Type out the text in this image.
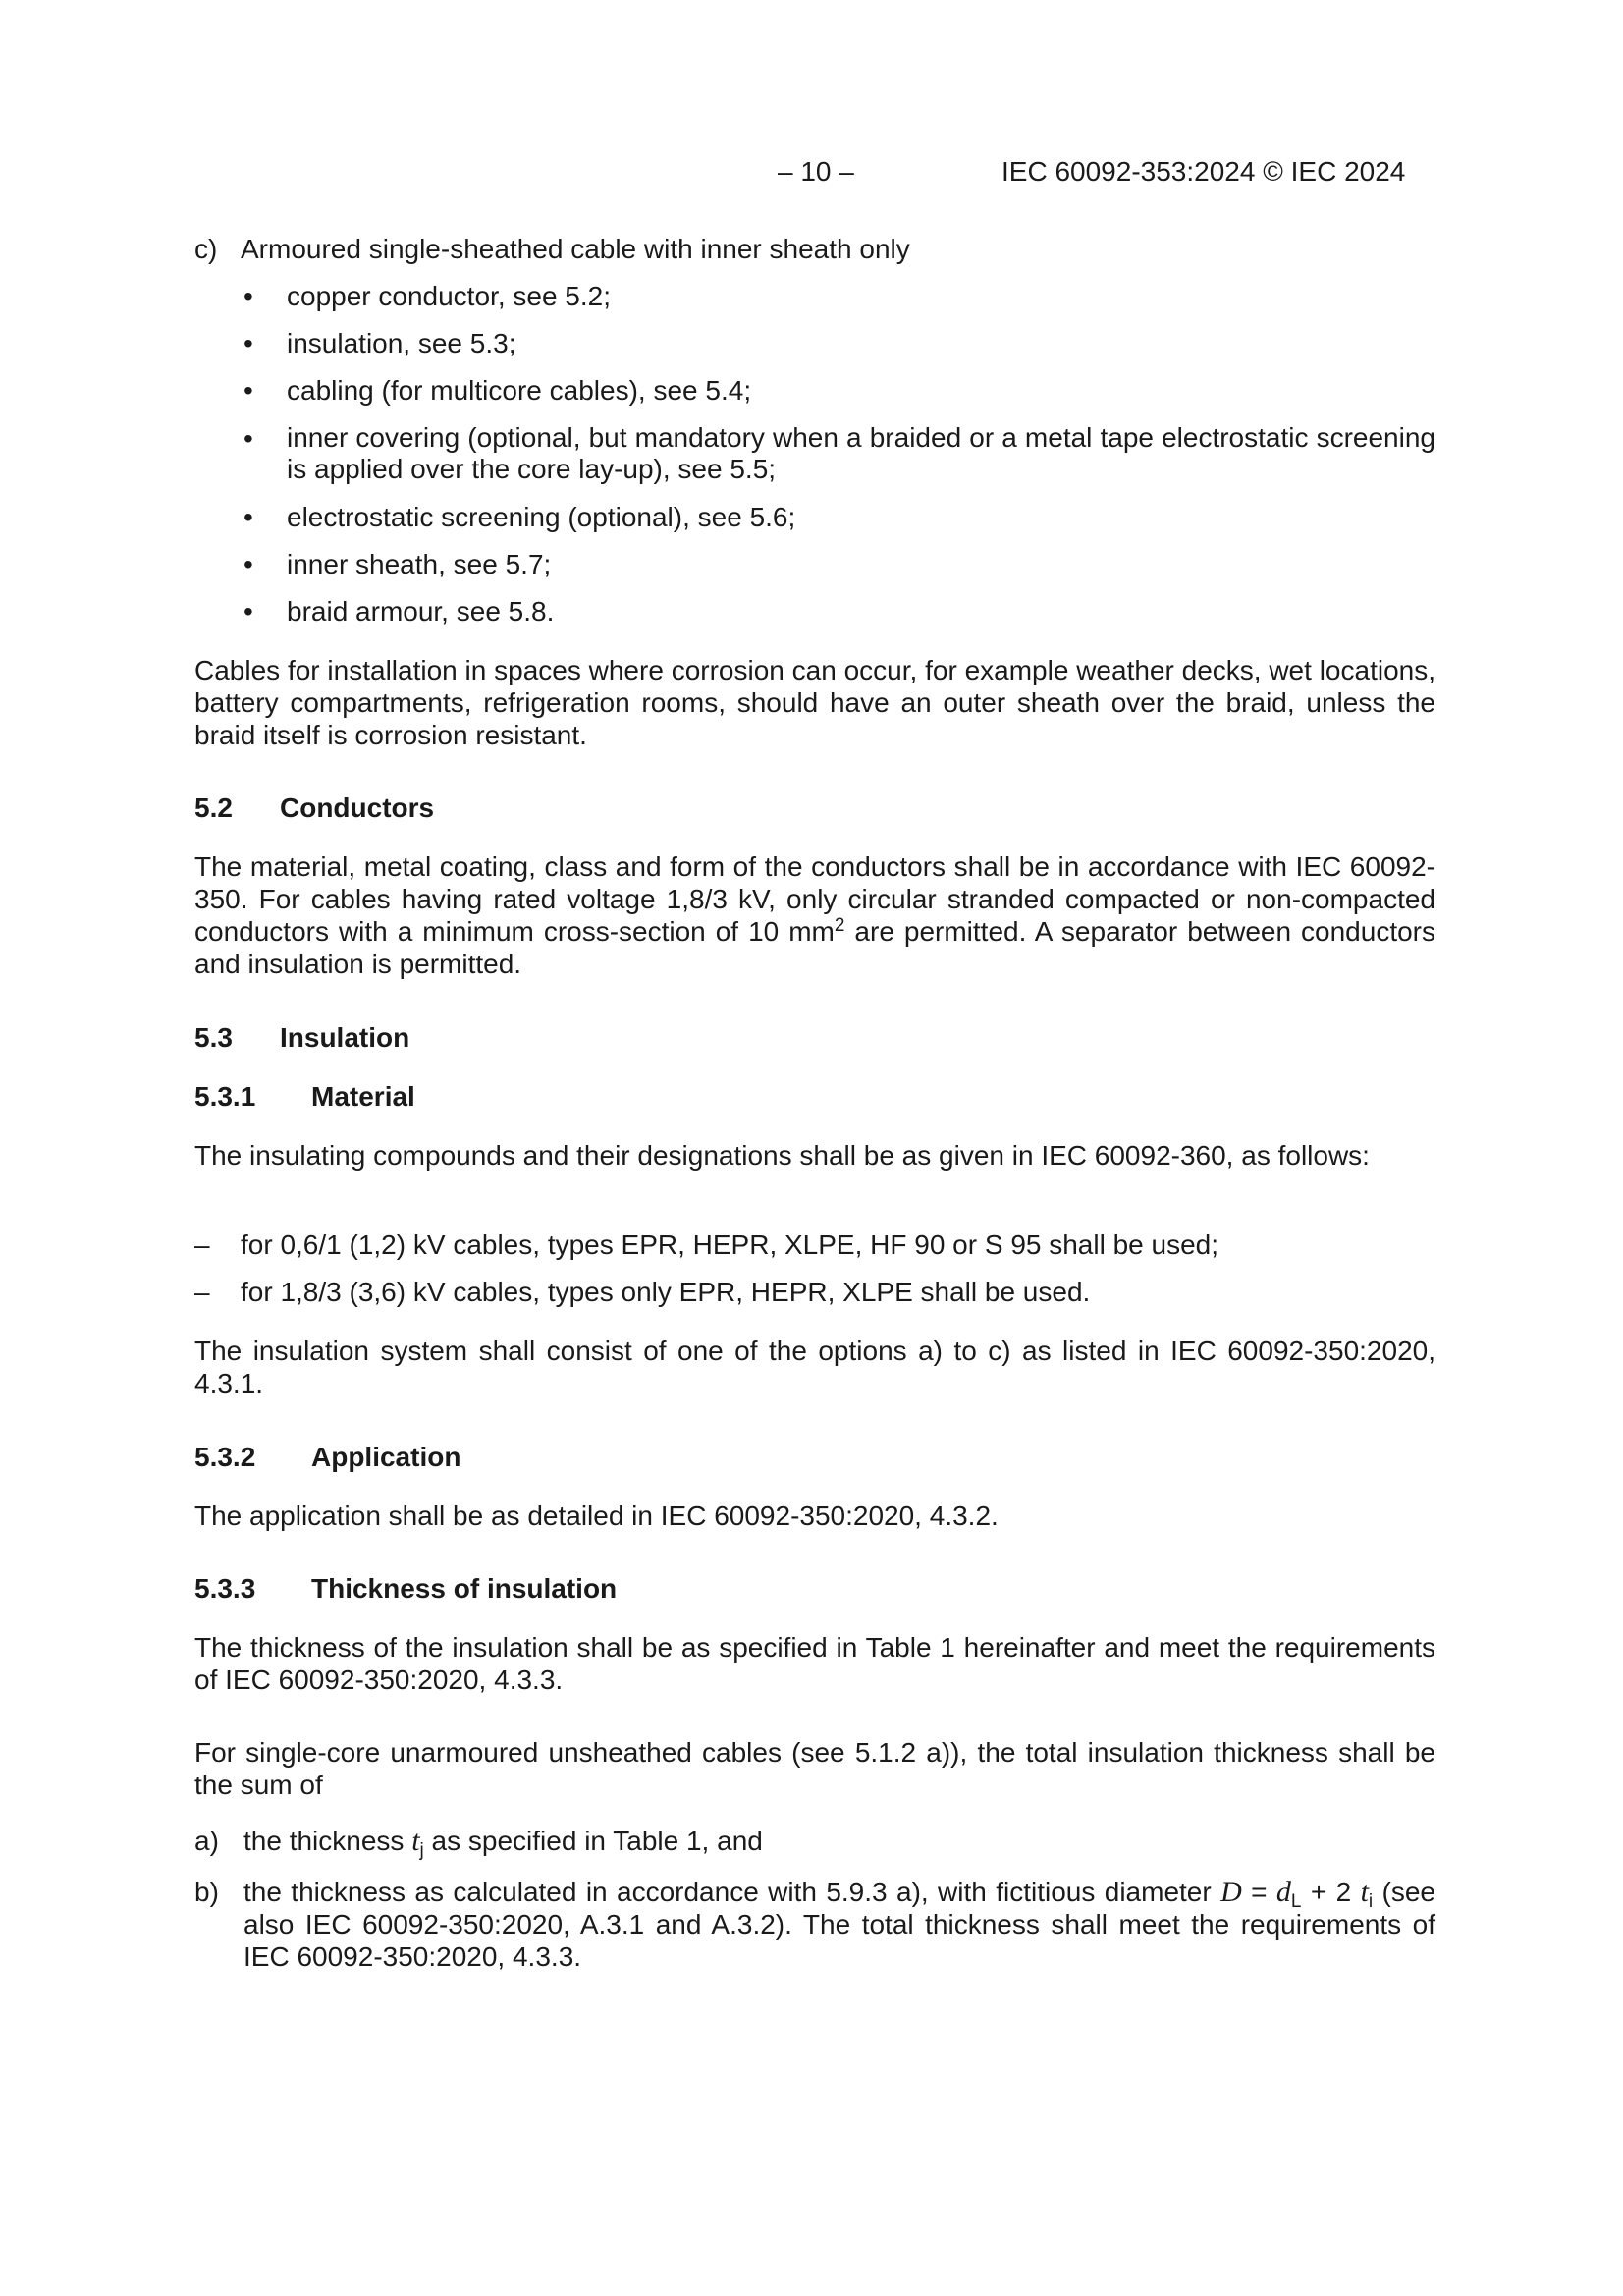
– 10 –	IEC 60092-353:2024 © IEC 2024
c) Armoured single-sheathed cable with inner sheath only
• copper conductor, see 5.2;
• insulation, see 5.3;
• cabling (for multicore cables), see 5.4;
• inner covering (optional, but mandatory when a braided or a metal tape electrostatic screening is applied over the core lay-up), see 5.5;
• electrostatic screening (optional), see 5.6;
• inner sheath, see 5.7;
• braid armour, see 5.8.
Cables for installation in spaces where corrosion can occur, for example weather decks, wet locations, battery compartments, refrigeration rooms, should have an outer sheath over the braid, unless the braid itself is corrosion resistant.
5.2 Conductors
The material, metal coating, class and form of the conductors shall be in accordance with IEC 60092-350. For cables having rated voltage 1,8/3 kV, only circular stranded compacted or non-compacted conductors with a minimum cross-section of 10 $mm^2$ are permitted. A separator between conductors and insulation is permitted.
5.3 Insulation
5.3.1 Material
The insulating compounds and their designations shall be as given in IEC 60092-360, as follows:
– for 0,6/1 (1,2) kV cables, types EPR, HEPR, XLPE, HF 90 or S 95 shall be used;
– for 1,8/3 (3,6) kV cables, types only EPR, HEPR, XLPE shall be used.
The insulation system shall consist of one of the options a) to c) as listed in IEC 60092-350:2020, 4.3.1.
5.3.2 Application
The application shall be as detailed in IEC 60092-350:2020, 4.3.2.
5.3.3 Thickness of insulation
The thickness of the insulation shall be as specified in Table 1 hereinafter and meet the requirements of IEC 60092-350:2020, 4.3.3.
For single-core unarmoured unsheathed cables (see 5.1.2 a)), the total insulation thickness shall be the sum of
a) the thickness $t_j$ as specified in Table 1, and
b) the thickness as calculated in accordance with 5.9.3 a), with fictitious diameter $D = d_L + 2$ $t_i$ (see also IEC 60092-350:2020, A.3.1 and A.3.2). The total thickness shall meet the requirements of IEC 60092-350:2020, 4.3.3.
